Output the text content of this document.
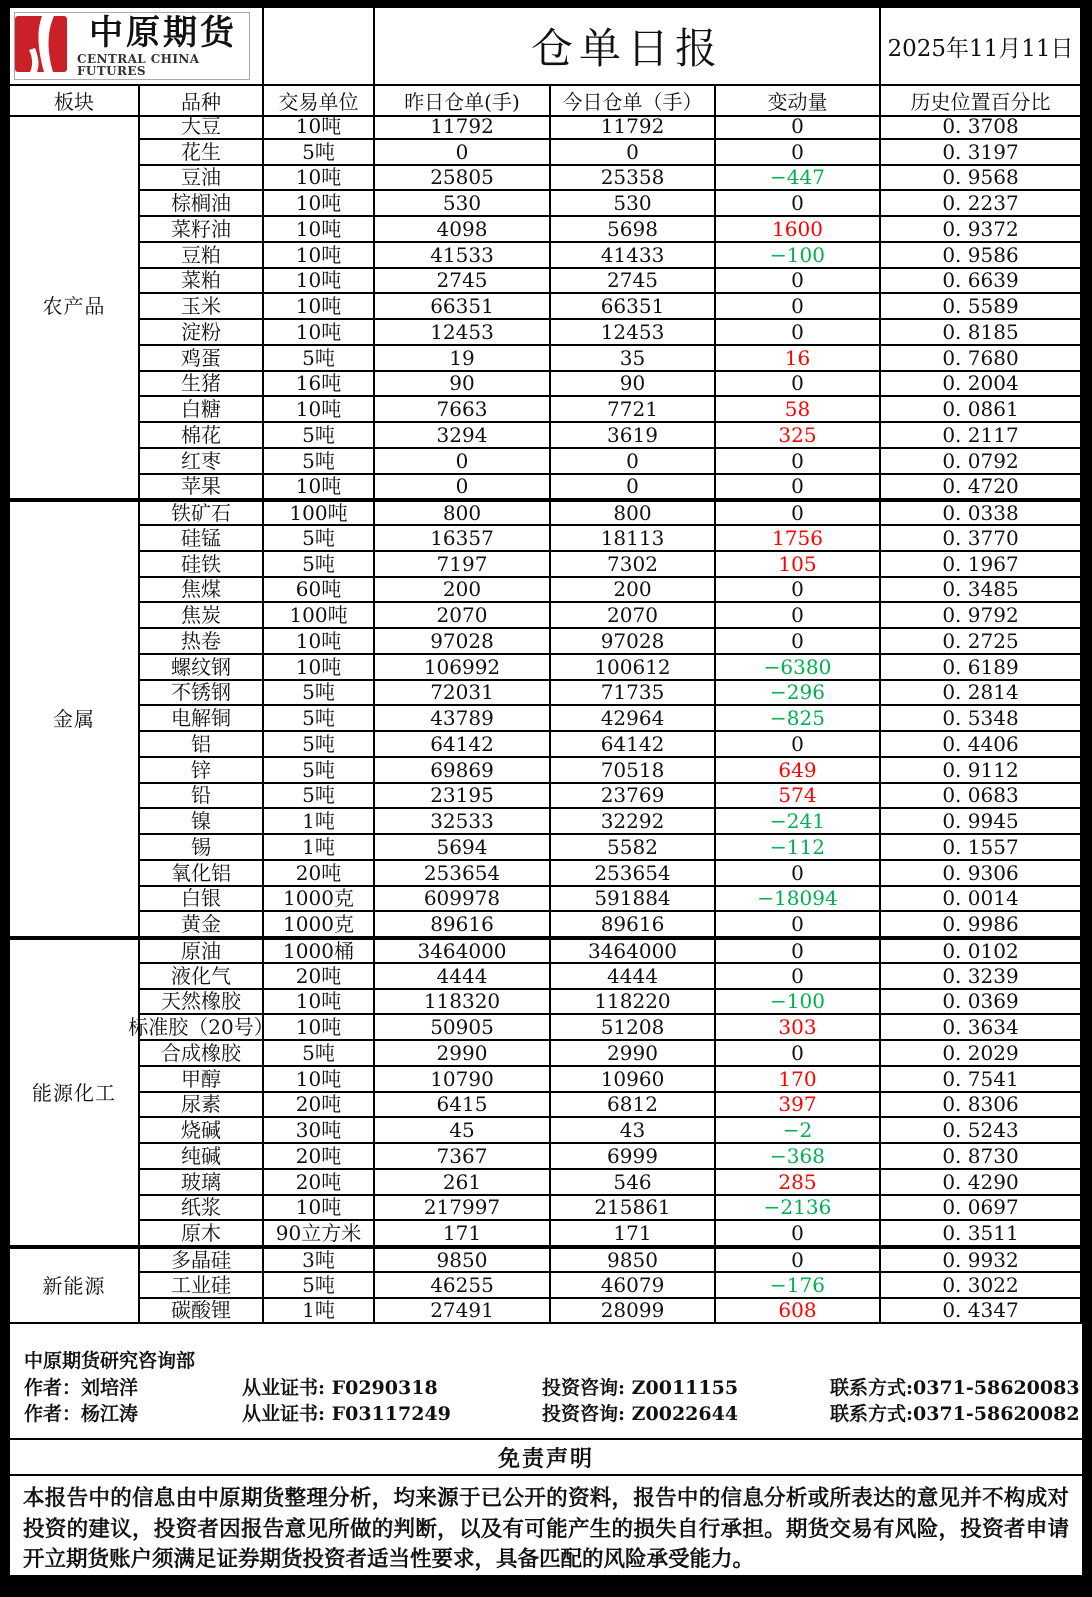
中原期货
CENTRAL CHINA FUTURES	仓单日报	2025年11月11日
板块	品种	交易单位	昨日仓单(手)	今日仓单（手）	变动量	历史位置百分比
农产品
大豆	10吨	11792	11792	0	0. 3708
花生	5吨	0	0	0	0. 3197
豆油	10吨	25805	25358	−447	0. 9568
棕榈油	10吨	530	530	0	0. 2237
菜籽油	10吨	4098	5698	1600	0. 9372
豆粕	10吨	41533	41433	−100	0. 9586
菜粕	10吨	2745	2745	0	0. 6639
玉米	10吨	66351	66351	0	0. 5589
淀粉	10吨	12453	12453	0	0. 8185
鸡蛋	5吨	19	35	16	0. 7680
生猪	16吨	90	90	0	0. 2004
白糖	10吨	7663	7721	58	0. 0861
棉花	5吨	3294	3619	325	0. 2117
红枣	5吨	0	0	0	0. 0792
苹果	10吨	0	0	0	0. 4720
金属
铁矿石	100吨	800	800	0	0. 0338
硅锰	5吨	16357	18113	1756	0. 3770
硅铁	5吨	7197	7302	105	0. 1967
焦煤	60吨	200	200	0	0. 3485
焦炭	100吨	2070	2070	0	0. 9792
热卷	10吨	97028	97028	0	0. 2725
螺纹钢	10吨	106992	100612	−6380	0. 6189
不锈钢	5吨	72031	71735	−296	0. 2814
电解铜	5吨	43789	42964	−825	0. 5348
铝	5吨	64142	64142	0	0. 4406
锌	5吨	69869	70518	649	0. 9112
铅	5吨	23195	23769	574	0. 0683
镍	1吨	32533	32292	−241	0. 9945
锡	1吨	5694	5582	−112	0. 1557
氧化铝	20吨	253654	253654	0	0. 9306
白银	1000克	609978	591884	−18094	0. 0014
黄金	1000克	89616	89616	0	0. 9986
能源化工
原油	1000桶	3464000	3464000	0	0. 0102
液化气	20吨	4444	4444	0	0. 3239
天然橡胶	10吨	118320	118220	−100	0. 0369
标准胶（20号）	10吨	50905	51208	303	0. 3634
合成橡胶	5吨	2990	2990	0	0. 2029
甲醇	10吨	10790	10960	170	0. 7541
尿素	20吨	6415	6812	397	0. 8306
烧碱	30吨	45	43	−2	0. 5243
纯碱	20吨	7367	6999	−368	0. 8730
玻璃	20吨	261	546	285	0. 4290
纸浆	10吨	217997	215861	−2136	0. 0697
原木	90立方米	171	171	0	0. 3511
新能源
多晶硅	3吨	9850	9850	0	0. 9932
工业硅	5吨	46255	46079	−176	0. 3022
碳酸锂	1吨	27491	28099	608	0. 4347
中原期货研究咨询部
作者：刘培洋	从业证书: F0290318	投资咨询: Z0011155	联系方式:0371-58620083
作者：杨江涛	从业证书: F03117249	投资咨询: Z0022644	联系方式:0371-58620082
免责声明
本报告中的信息由中原期货整理分析，均来源于已公开的资料，报告中的信息分析或所表达的意见并不构成对投资的建议，投资者因报告意见所做的判断，以及有可能产生的损失自行承担。期货交易有风险，投资者申请开立期货账户须满足证券期货投资者适当性要求，具备匹配的风险承受能力。
